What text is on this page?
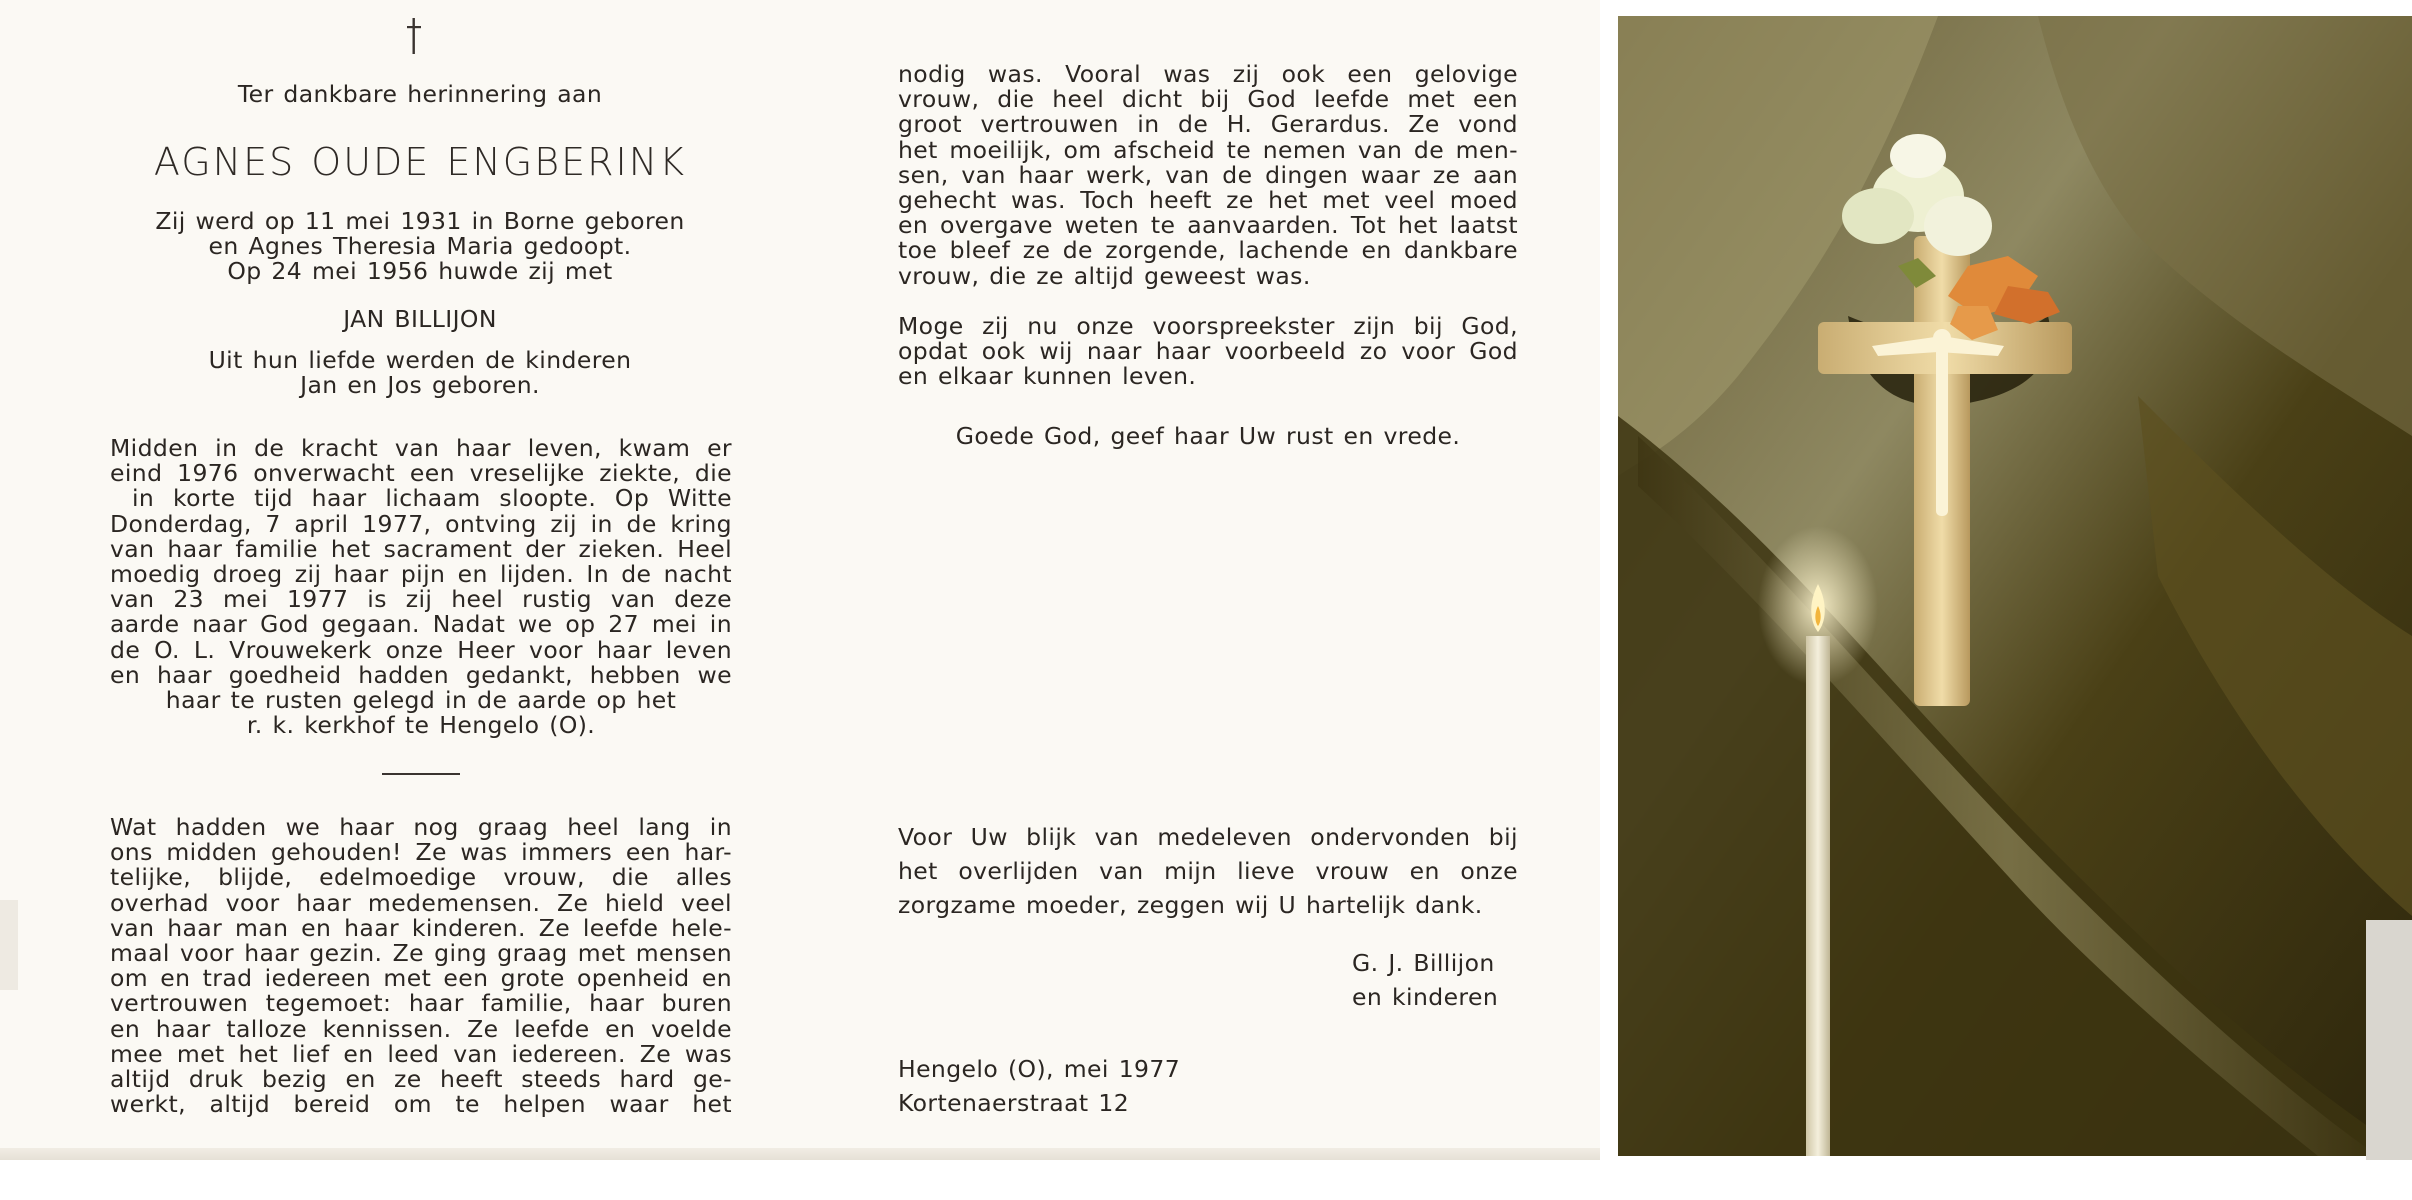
Ter dankbare herinnering aan
AGNES OUDE ENGBERINK
Zij werd op 11 mei 1931 in Borne geboren
en Agnes Theresia Maria gedoopt.
Op 24 mei 1956 huwde zij met
JAN BILLIJON
Uit hun liefde werden de kinderen
Jan en Jos geboren.
Midden in de kracht van haar leven, kwam er
eind 1976 onverwacht een vreselijke ziekte, die
in korte tijd haar lichaam sloopte. Op Witte
Donderdag, 7 april 1977, ontving zij in de kring
van haar familie het sacrament der zieken. Heel
moedig droeg zij haar pijn en lijden. In de nacht
van 23 mei 1977 is zij heel rustig van deze
aarde naar God gegaan. Nadat we op 27 mei in
de O. L. Vrouwekerk onze Heer voor haar leven
en haar goedheid hadden gedankt, hebben we
haar te rusten gelegd in de aarde op het
r. k. kerkhof te Hengelo (O).
Wat hadden we haar nog graag heel lang in
ons midden gehouden! Ze was immers een har-
telijke, blijde, edelmoedige vrouw, die alles
overhad voor haar medemensen. Ze hield veel
van haar man en haar kinderen. Ze leefde hele-
maal voor haar gezin. Ze ging graag met mensen
om en trad iedereen met een grote openheid en
vertrouwen tegemoet: haar familie, haar buren
en haar talloze kennissen. Ze leefde en voelde
mee met het lief en leed van iedereen. Ze was
altijd druk bezig en ze heeft steeds hard ge-
werkt, altijd bereid om te helpen waar het
nodig was. Vooral was zij ook een gelovige
vrouw, die heel dicht bij God leefde met een
groot vertrouwen in de H. Gerardus. Ze vond
het moeilijk, om afscheid te nemen van de men-
sen, van haar werk, van de dingen waar ze aan
gehecht was. Toch heeft ze het met veel moed
en overgave weten te aanvaarden. Tot het laatst
toe bleef ze de zorgende, lachende en dankbare
vrouw, die ze altijd geweest was.
Moge zij nu onze voorspreekster zijn bij God,
opdat ook wij naar haar voorbeeld zo voor God
en elkaar kunnen leven.
Goede God, geef haar Uw rust en vrede.
Voor Uw blijk van medeleven ondervonden bij
het overlijden van mijn lieve vrouw en onze
zorgzame moeder, zeggen wij U hartelijk dank.
G. J. Billijon
en kinderen
Hengelo (O), mei 1977
Kortenaerstraat 12
